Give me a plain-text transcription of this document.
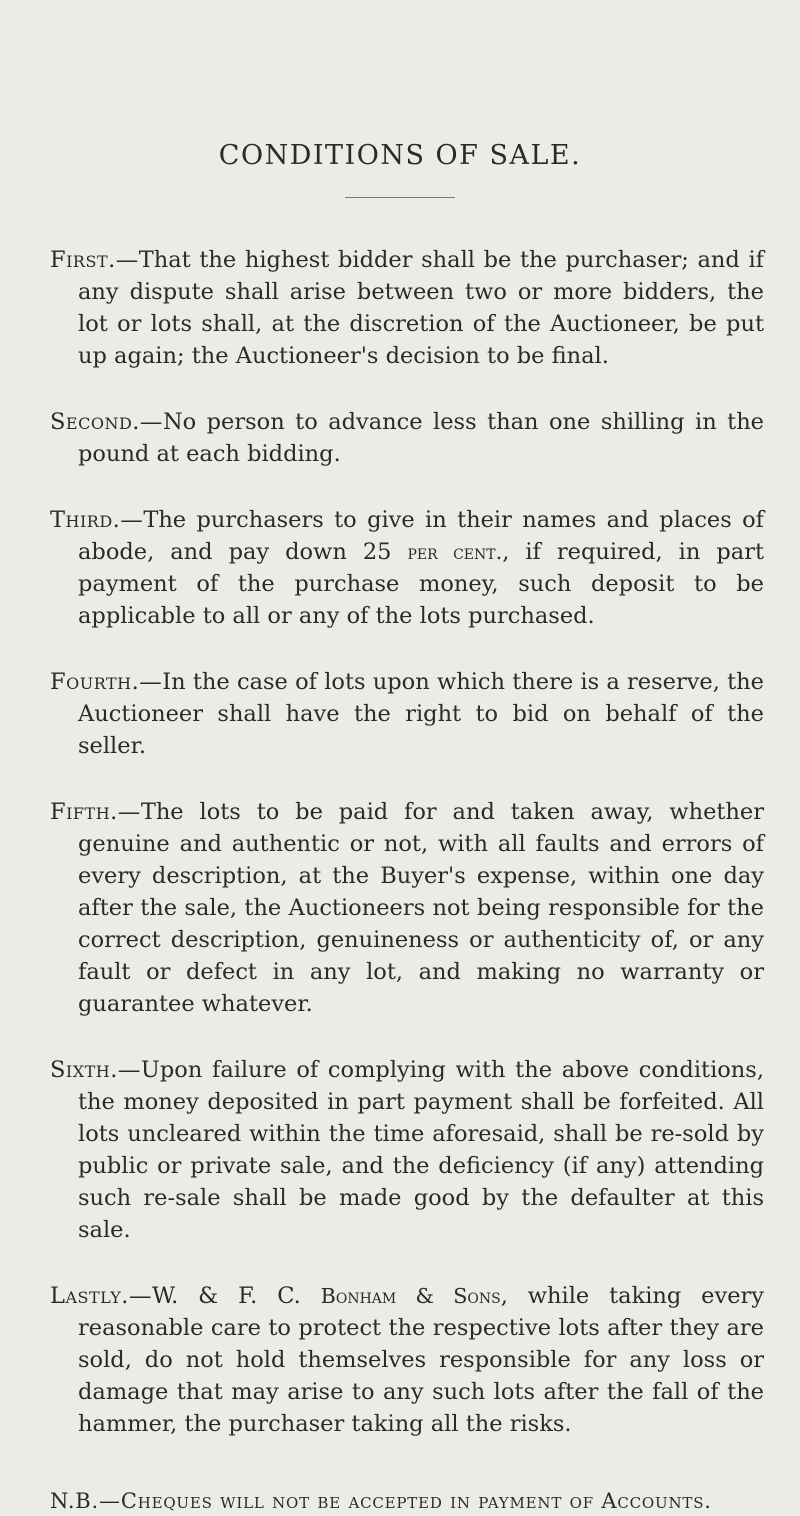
CONDITIONS OF SALE.

First.—That the highest bidder shall be the purchaser; and if any dispute shall arise between two or more bidders, the lot or lots shall, at the discretion of the Auctioneer, be put up again; the Auctioneer's decision to be final.

Second.—No person to advance less than one shilling in the pound at each bidding.

Third.—The purchasers to give in their names and places of abode, and pay down 25 per cent., if required, in part payment of the purchase money, such deposit to be applicable to all or any of the lots purchased.

Fourth.—In the case of lots upon which there is a reserve, the Auctioneer shall have the right to bid on behalf of the seller.

Fifth.—The lots to be paid for and taken away, whether genuine and authentic or not, with all faults and errors of every description, at the Buyer's expense, within one day after the sale, the Auctioneers not being responsible for the correct description, genuineness or authenticity of, or any fault or defect in any lot, and making no warranty or guarantee whatever.

Sixth.—Upon failure of complying with the above conditions, the money deposited in part payment shall be forfeited. All lots uncleared within the time aforesaid, shall be re-sold by public or private sale, and the deficiency (if any) attending such re-sale shall be made good by the defaulter at this sale.

Lastly.—W. & F. C. Bonham & Sons, while taking every reasonable care to protect the respective lots after they are sold, do not hold themselves responsible for any loss or damage that may arise to any such lots after the fall of the hammer, the purchaser taking all the risks.

N.B.—Cheques will not be accepted in payment of Accounts.
